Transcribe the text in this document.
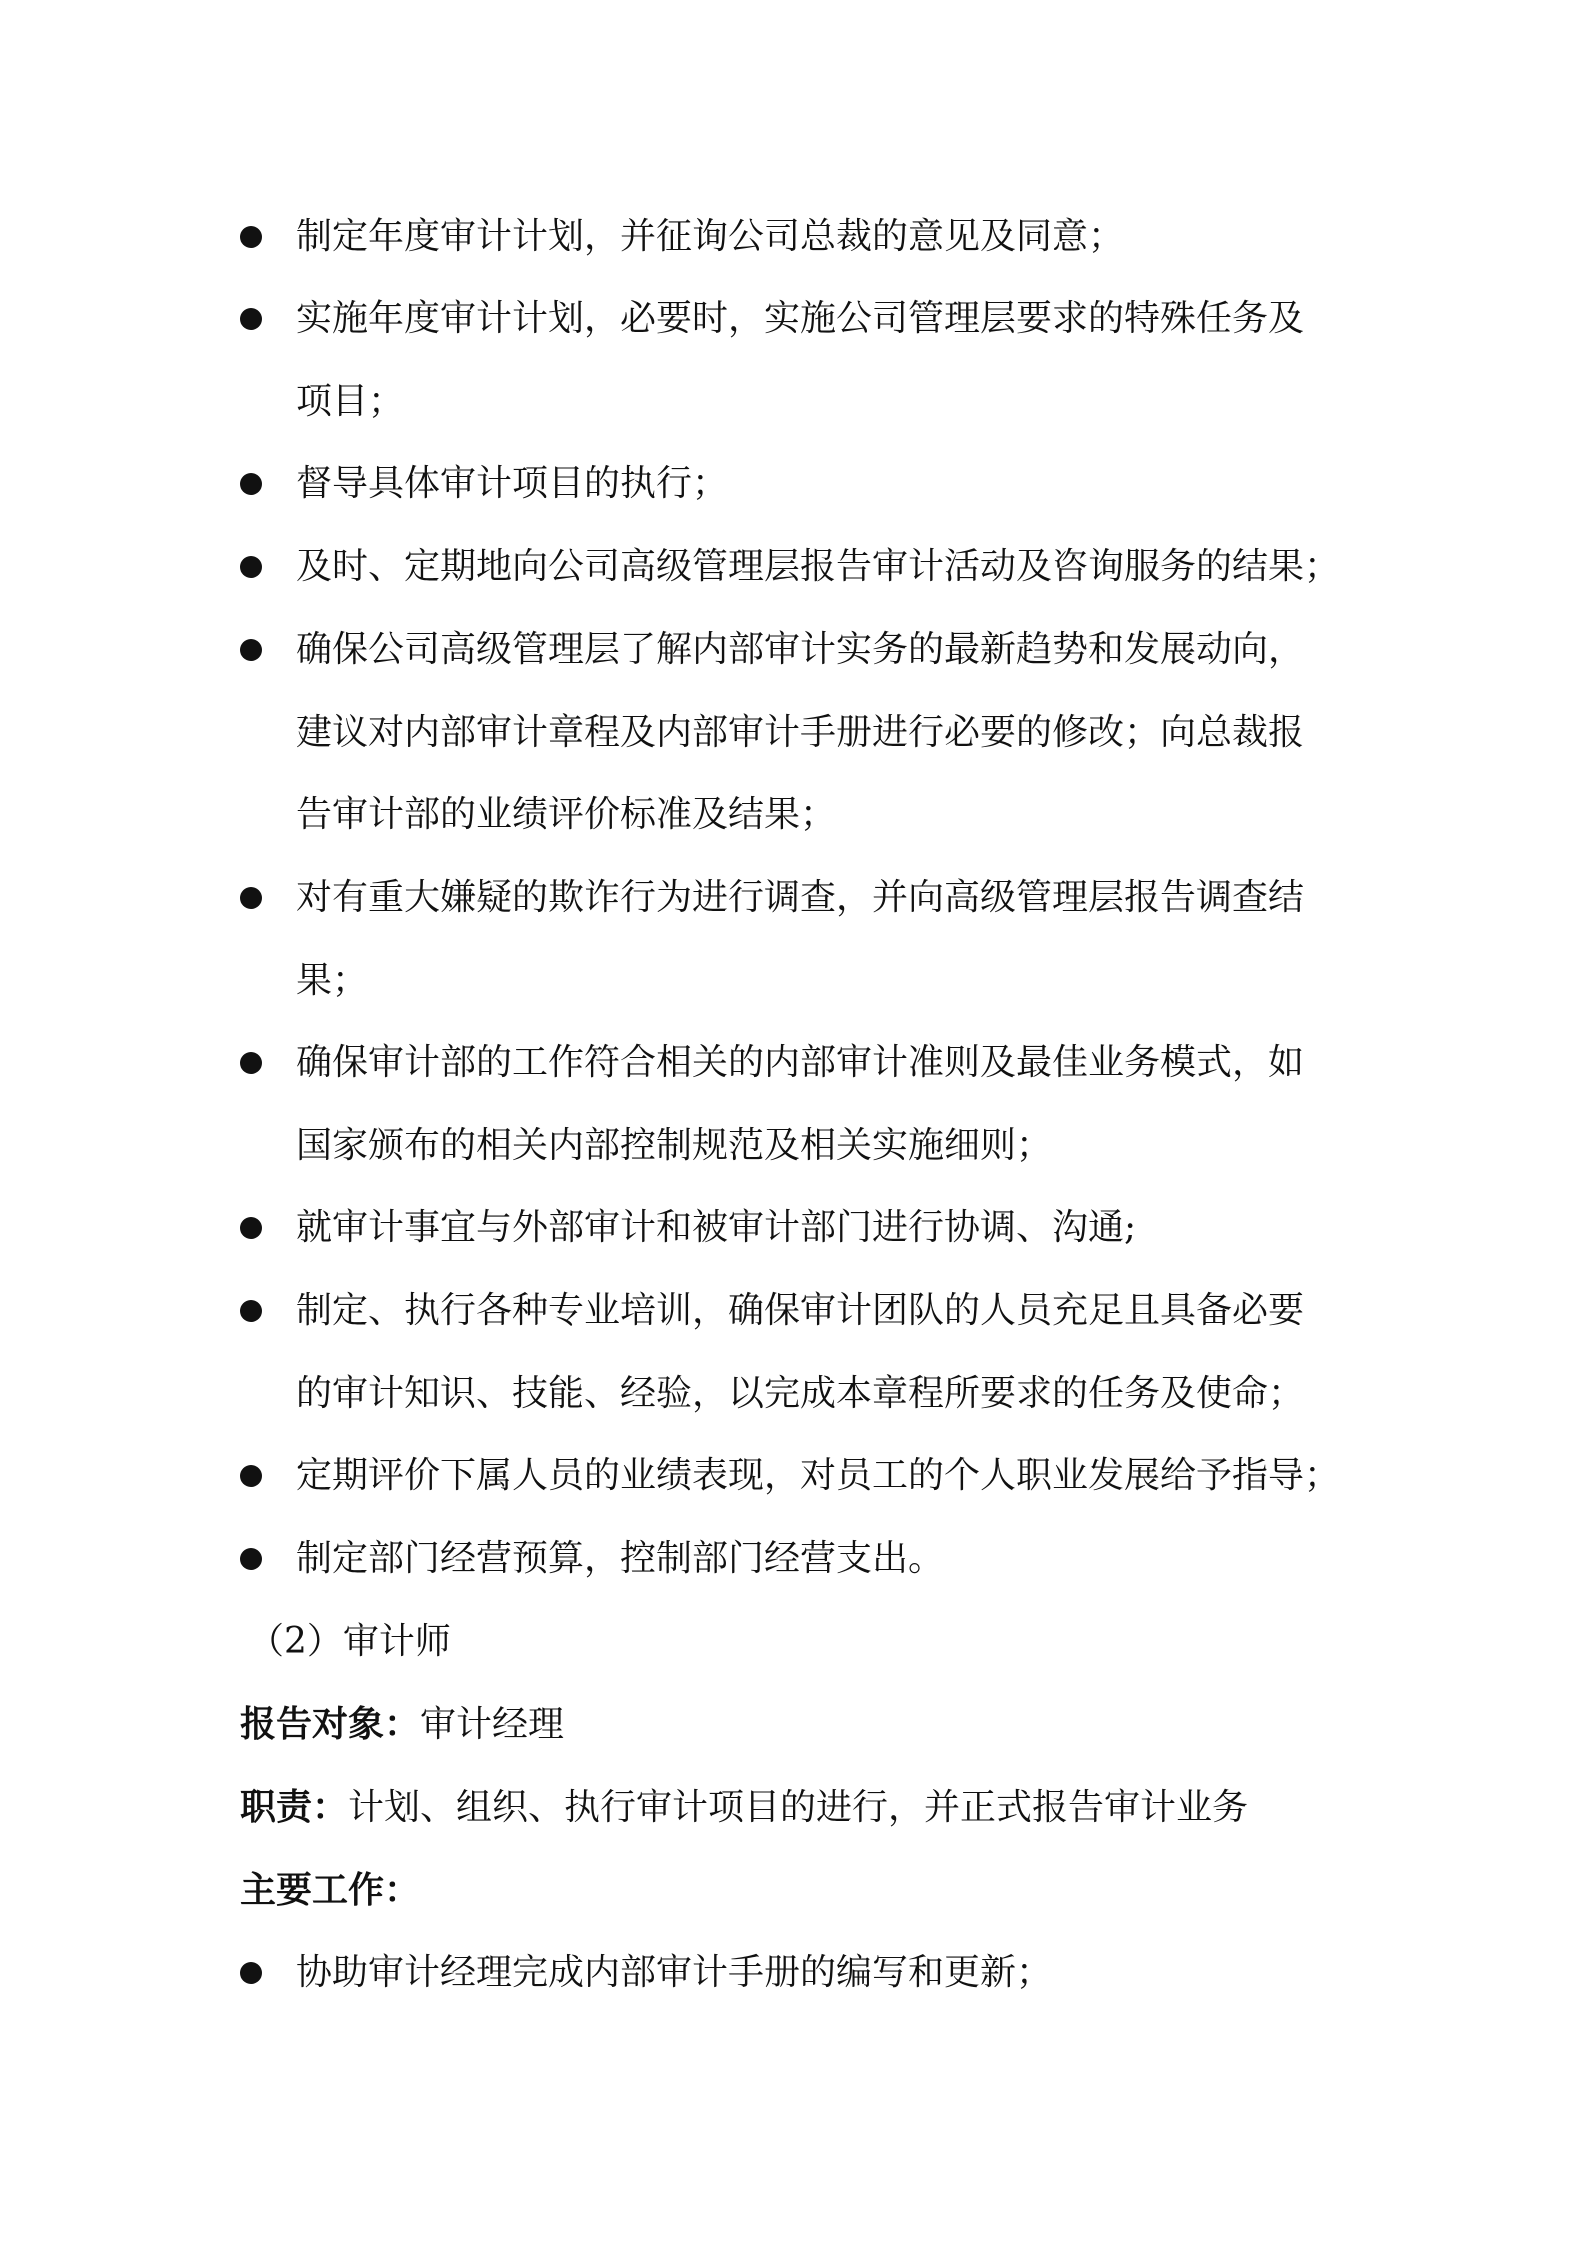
制定年度审计计划，并征询公司总裁的意见及同意；
实施年度审计计划，必要时，实施公司管理层要求的特殊任务及
项目；
督导具体审计项目的执行；
及时、定期地向公司高级管理层报告审计活动及咨询服务的结果；
确保公司高级管理层了解内部审计实务的最新趋势和发展动向，
建议对内部审计章程及内部审计手册进行必要的修改；向总裁报
告审计部的业绩评价标准及结果；
对有重大嫌疑的欺诈行为进行调查，并向高级管理层报告调查结
果；
确保审计部的工作符合相关的内部审计准则及最佳业务模式，如
国家颁布的相关内部控制规范及相关实施细则；
就审计事宜与外部审计和被审计部门进行协调、沟通;
制定、执行各种专业培训，确保审计团队的人员充足且具备必要
的审计知识、技能、经验，以完成本章程所要求的任务及使命；
定期评价下属人员的业绩表现，对员工的个人职业发展给予指导；
制定部门经营预算，控制部门经营支出。
（2）审计师
报告对象：审计经理
职责：计划、组织、执行审计项目的进行，并正式报告审计业务
主要工作：
协助审计经理完成内部审计手册的编写和更新；
